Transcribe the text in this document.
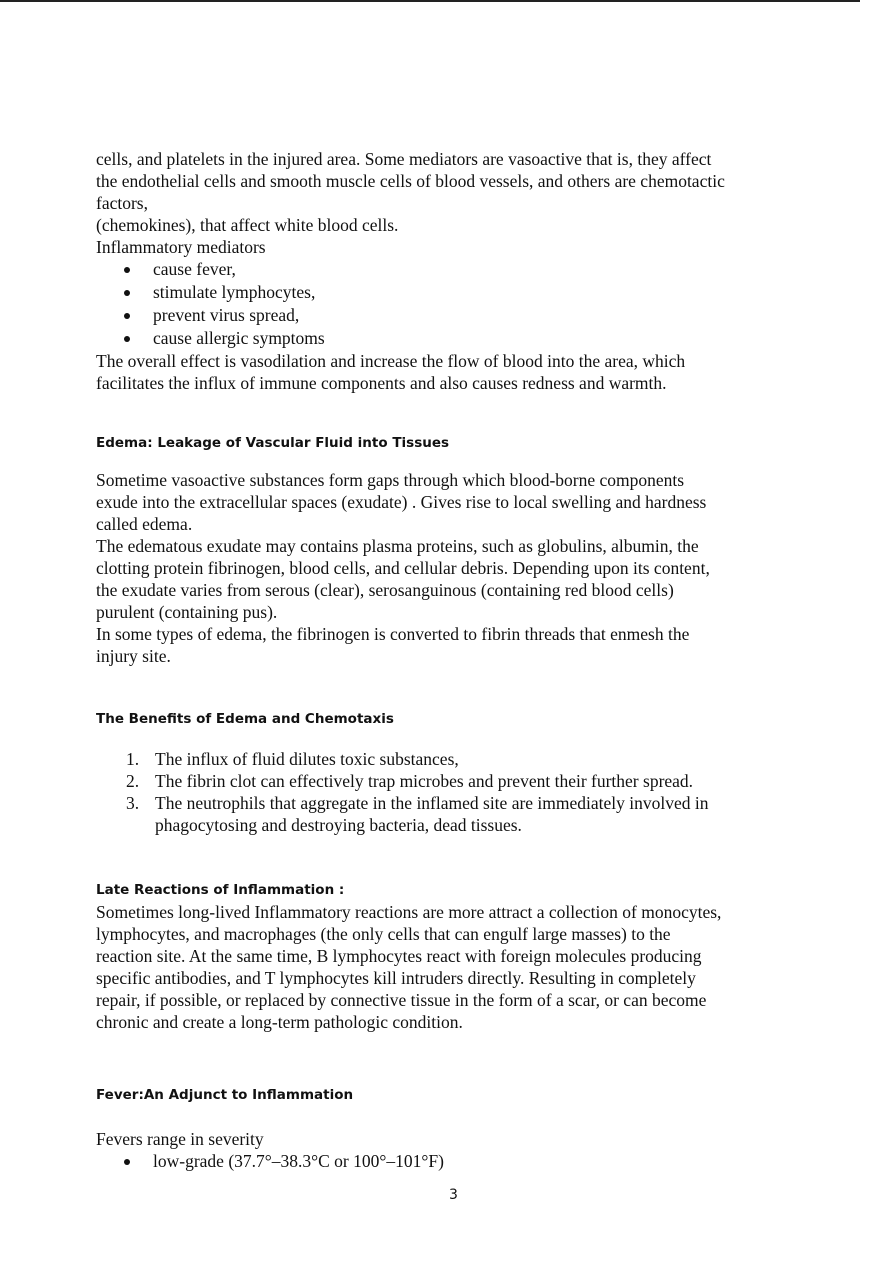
cells, and platelets in the injured area. Some mediators are vasoactive that is, they affect

the endothelial cells and smooth muscle cells of blood vessels, and others are chemotactic

factors,

(chemokines), that affect white blood cells.

Inflammatory mediators

cause fever,
stimulate lymphocytes,
prevent virus spread,
cause allergic symptoms

The overall effect is vasodilation and increase the flow of blood into the area, which

facilitates the influx of immune components and also causes redness and warmth.

Edema: Leakage of Vascular Fluid into Tissues

Sometime vasoactive substances form gaps through which blood-borne components

exude into the extracellular spaces (exudate) . Gives rise to local swelling and hardness

called edema.

The edematous exudate may contains plasma proteins, such as globulins, albumin, the

clotting protein fibrinogen, blood cells, and cellular debris. Depending upon its content,

the exudate varies from serous (clear), serosanguinous (containing red blood cells)

purulent (containing pus).

In some types of edema, the fibrinogen is converted to fibrin threads that enmesh the

injury site.

The Benefits of Edema and Chemotaxis
1. The influx of fluid dilutes toxic substances,
2. The fibrin clot can effectively trap microbes and prevent their further spread.
3. The neutrophils that aggregate in the inflamed site are immediately involved in

phagocytosing and destroying bacteria, dead tissues.

Late Reactions of Inflammation :

Sometimes long-lived Inflammatory reactions are more attract a collection of monocytes,

lymphocytes, and macrophages (the only cells that can engulf large masses) to the

reaction site. At the same time, B lymphocytes react with foreign molecules producing

specific antibodies, and T lymphocytes kill intruders directly. Resulting in completely

repair, if possible, or replaced by connective tissue in the form of a scar, or can become

chronic and create a long-term pathologic condition.

Fever:An Adjunct to Inflammation

Fevers range in severity

low-grade (37.7°–38.3°C or 100°–101°F)
3
